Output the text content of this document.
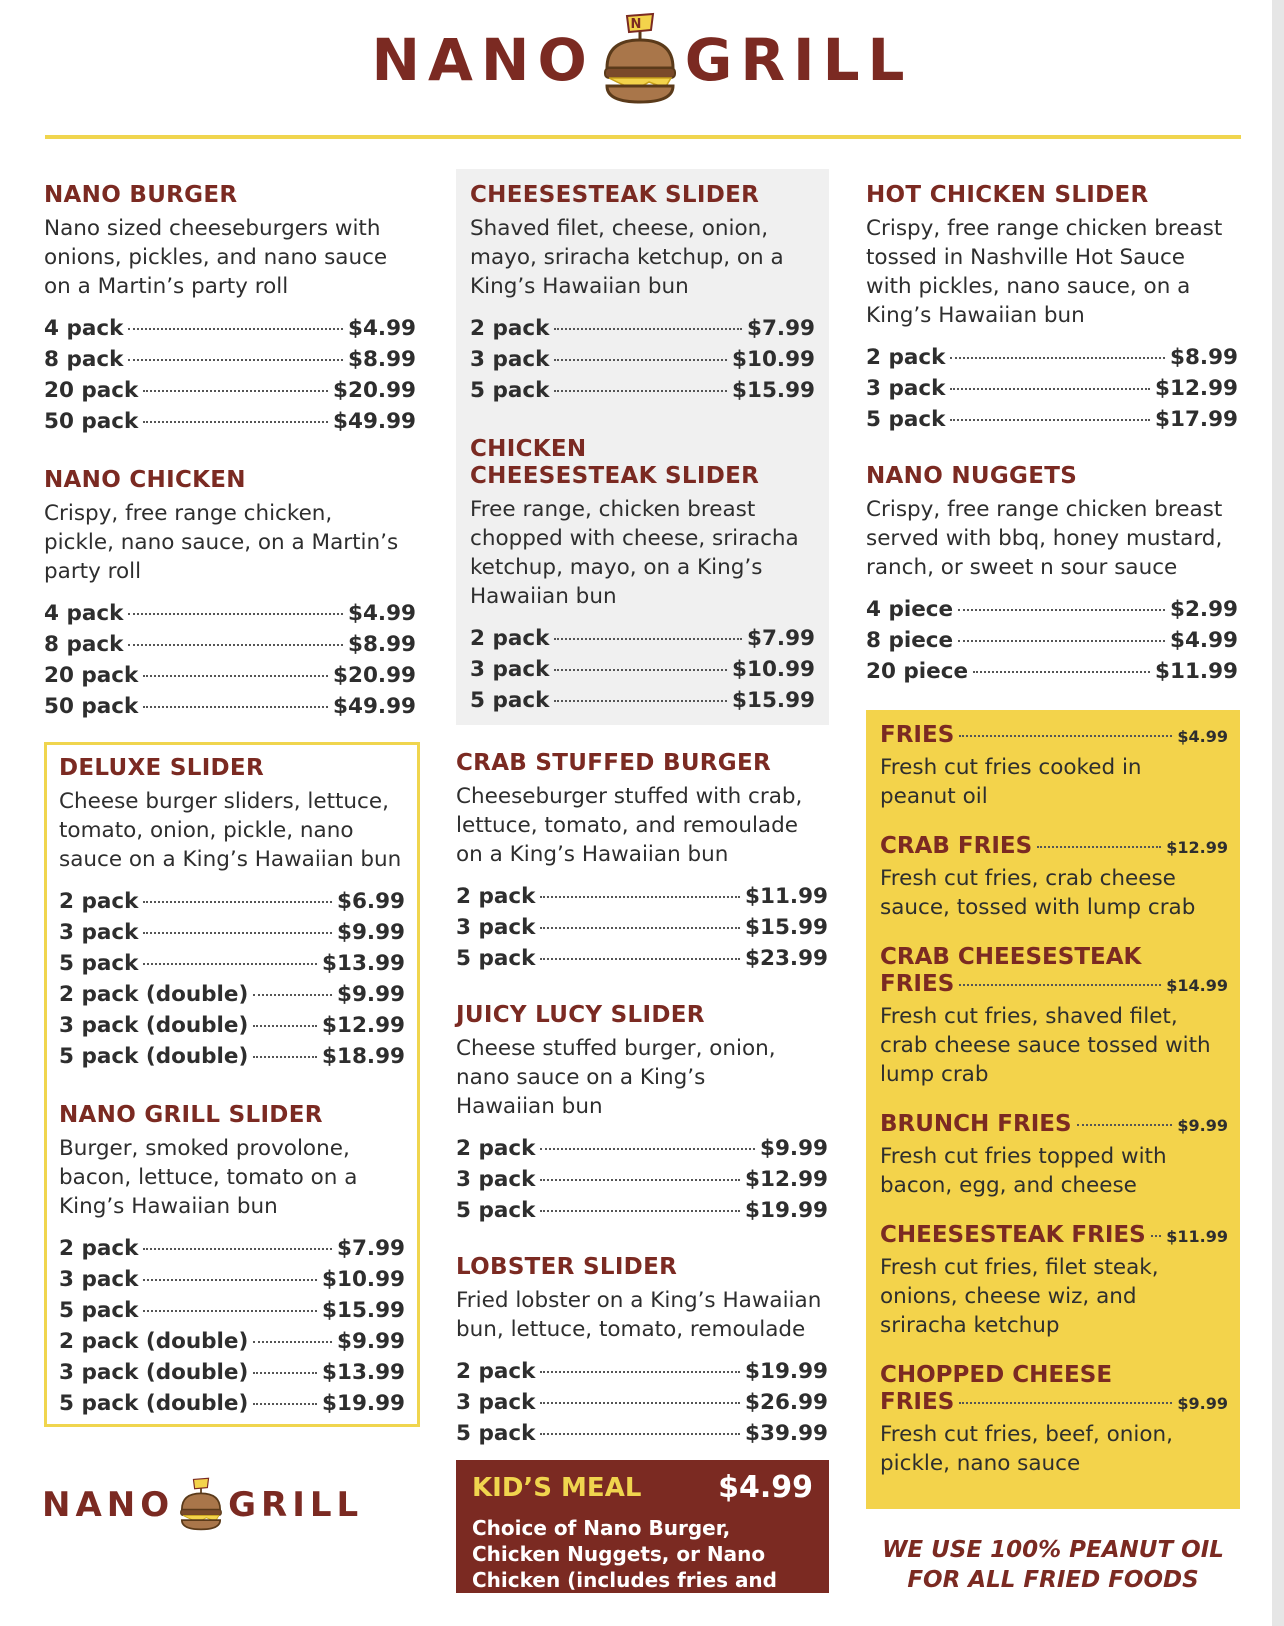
NANO
N
GRILL
NANO BURGER
Nano sized cheeseburgers with onions, pickles, and nano sauce on a Martin’s party roll
4 pack	$4.99
8 pack	$8.99
20 pack	$20.99
50 pack	$49.99
NANO CHICKEN
Crispy, free range chicken, pickle, nano sauce, on a Martin’s party roll
4 pack	$4.99
8 pack	$8.99
20 pack	$20.99
50 pack	$49.99
DELUXE SLIDER
Cheese burger sliders, lettuce, tomato, onion, pickle, nano sauce on a King’s Hawaiian bun
2 pack	$6.99
3 pack	$9.99
5 pack	$13.99
2 pack (double)	$9.99
3 pack (double)	$12.99
5 pack (double)	$18.99
NANO GRILL SLIDER
Burger, smoked provolone, bacon, lettuce, tomato on a King’s Hawaiian bun
2 pack	$7.99
3 pack	$10.99
5 pack	$15.99
2 pack (double)	$9.99
3 pack (double)	$13.99
5 pack (double)	$19.99
CHEESESTEAK SLIDER
Shaved filet, cheese, onion, mayo, sriracha ketchup, on a King’s Hawaiian bun
2 pack	$7.99
3 pack	$10.99
5 pack	$15.99
CHICKEN CHEESESTEAK SLIDER
Free range, chicken breast chopped with cheese, sriracha ketchup, mayo, on a King’s Hawaiian bun
2 pack	$7.99
3 pack	$10.99
5 pack	$15.99
CRAB STUFFED BURGER
Cheeseburger stuffed with crab, lettuce, tomato, and remoulade on a King’s Hawaiian bun
2 pack	$11.99
3 pack	$15.99
5 pack	$23.99
JUICY LUCY SLIDER
Cheese stuffed burger, onion, nano sauce on a King’s Hawaiian bun
2 pack	$9.99
3 pack	$12.99
5 pack	$19.99
LOBSTER SLIDER
Fried lobster on a King’s Hawaiian bun, lettuce, tomato, remoulade
2 pack	$19.99
3 pack	$26.99
5 pack	$39.99
HOT CHICKEN SLIDER
Crispy, free range chicken breast tossed in Nashville Hot Sauce with pickles, nano sauce, on a King’s Hawaiian bun
2 pack	$8.99
3 pack	$12.99
5 pack	$17.99
NANO NUGGETS
Crispy, free range chicken breast served with bbq, honey mustard, ranch, or sweet n sour sauce
4 piece	$2.99
8 piece	$4.99
20 piece	$11.99
FRIES	$4.99
Fresh cut fries cooked in peanut oil
CRAB FRIES	$12.99
Fresh cut fries, crab cheese sauce, tossed with lump crab
CRAB CHEESESTEAK
FRIES	$14.99
Fresh cut fries, shaved filet, crab cheese sauce tossed with lump crab
BRUNCH FRIES	$9.99
Fresh cut fries topped with bacon, egg, and cheese
CHEESESTEAK FRIES $11.99
Fresh cut fries, filet steak, onions, cheese wiz, and sriracha ketchup
CHOPPED CHEESE
FRIES	$9.99
Fresh cut fries, beef, onion, pickle, nano sauce
KID’S MEAL	$4.99
Choice of Nano Burger, Chicken Nuggets, or Nano Chicken (includes fries and juice box)
WE USE 100% PEANUT OIL FOR ALL FRIED FOODS
NANO GRILL
